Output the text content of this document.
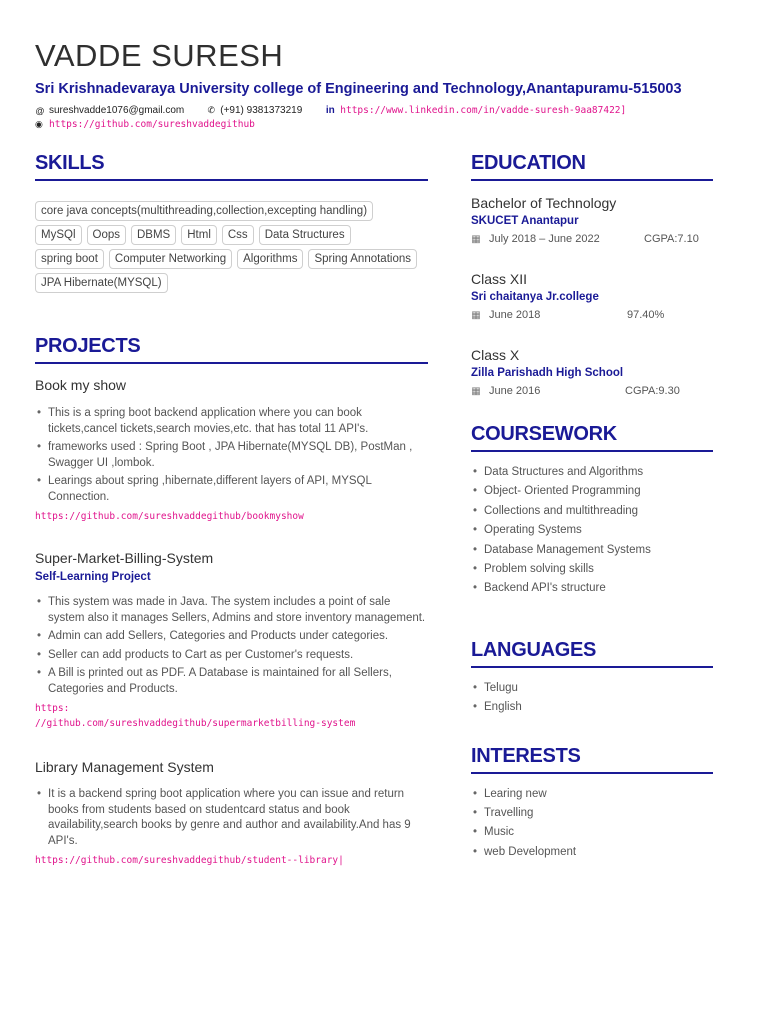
VADDE SURESH
Sri Krishnadevaraya University college of Engineering and Technology,Anantapuramu-515003
@ sureshvadde1076@gmail.com	✆ (+91) 9381373219 in https://www.linkedin.com/in/vadde-suresh-9aa87422]
◉ https://github.com/sureshvaddegithub
SKILLS
core java concepts(multithreading,collection,excepting handling)
MySQl	Oops	DBMS	Html	Css	Data Structures
spring boot	Computer Networking	Algorithms	Spring Annotations
JPA Hibernate(MYSQL)
PROJECTS
Book my show
• This is a spring boot backend application where you can book tickets,cancel tickets,search movies,etc. that has total 11 API's.
• frameworks used : Spring Boot , JPA Hibernate(MYSQL DB), PostMan , Swagger UI ,lombok.
• Learings about spring ,hibernate,different layers of API, MYSQL Connection.
https://github.com/sureshvaddegithub/bookmyshow
Super-Market-Billing-System
Self-Learning Project
• This system was made in Java. The system includes a point of sale system also it manages Sellers, Admins and store inventory management.
• Admin can add Sellers, Categories and Products under categories.
• Seller can add products to Cart as per Customer's requests.
• A Bill is printed out as PDF. A Database is maintained for all Sellers, Categories and Products.
https:
//github.com/sureshvaddegithub/supermarketbilling-system
Library Management System
• It is a backend spring boot application where you can issue and return books from students based on studentcard status and book availability,search books by genre and author and availability.And has 9 API's.
https://github.com/sureshvaddegithub/student--library|
EDUCATION
Bachelor of Technology
SKUCET Anantapur
▦ July 2018 – June 2022	CGPA:7.10
Class XII
Sri chaitanya Jr.college
▦ June 2018	97.40%
Class X
Zilla Parishadh High School
▦ June 2016	CGPA:9.30
COURSEWORK
• Data Structures and Algorithms
• Object- Oriented Programming
• Collections and multithreading
• Operating Systems
• Database Management Systems
• Problem solving skills
• Backend API's structure
LANGUAGES
• Telugu
• English
INTERESTS
• Learing new
• Travelling
• Music
• web Development
